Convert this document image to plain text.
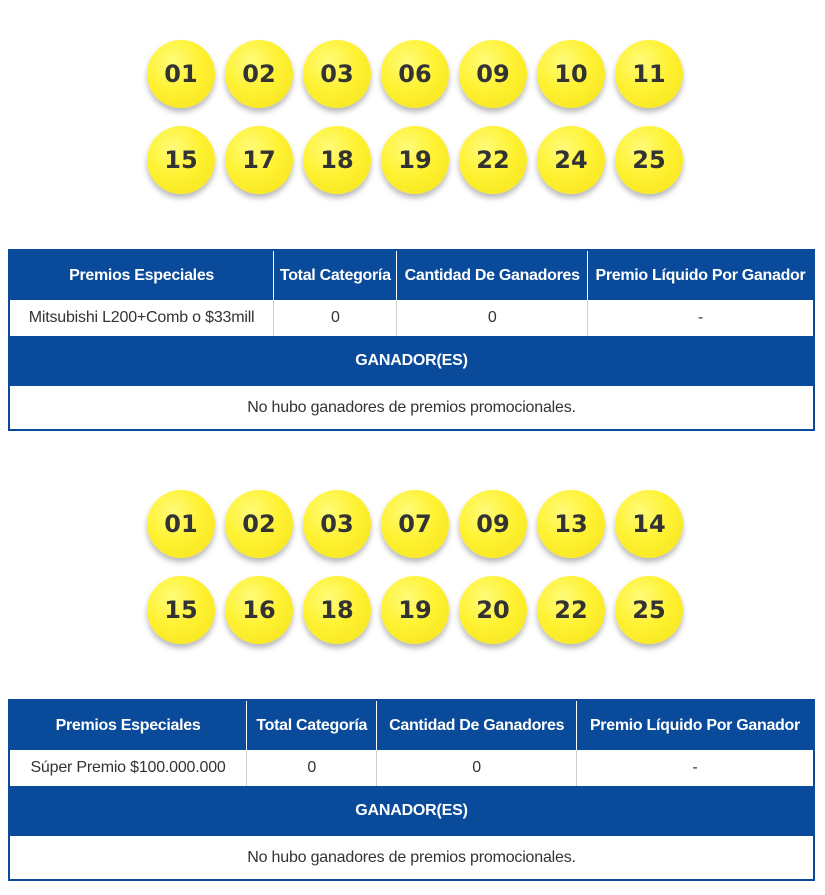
01	02	03	06	09	10	11
15	17	18	19	22	24	25
Premios Especiales	Total Categoría	Cantidad De Ganadores	Premio Líquido Por Ganador
Mitsubishi L200+Comb o $33mill	0	0	-
GANADOR(ES)			
No hubo ganadores de premios promocionales.			
01	02	03	07	09	13	14
15	16	18	19	20	22	25
Premios Especiales	Total Categoría	Cantidad De Ganadores	Premio Líquido Por Ganador
Súper Premio $100.000.000	0	0	-
GANADOR(ES)			
No hubo ganadores de premios promocionales.			
